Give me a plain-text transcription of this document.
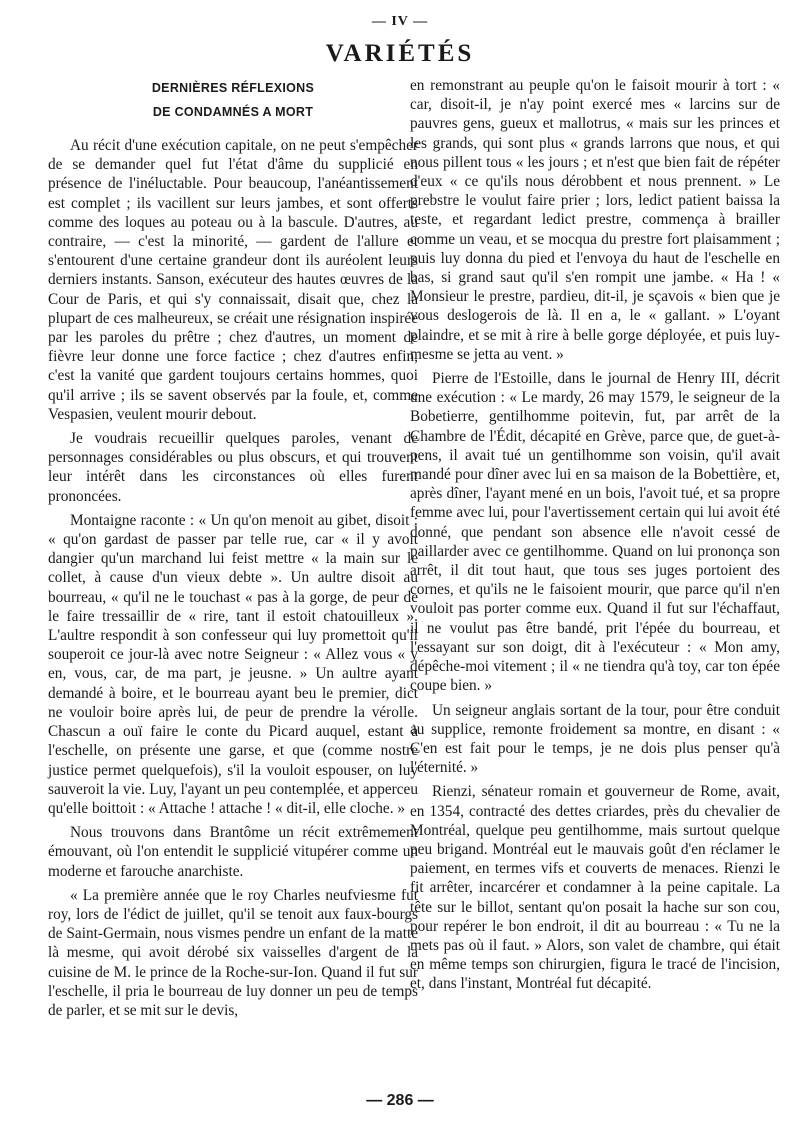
— IV —
VARIÉTÉS
DERNIÈRES RÉFLEXIONS
DE CONDAMNÉS A MORT

Au récit d'une exécution capitale, on ne peut s'empêcher de se demander quel fut l'état d'âme du supplicié en présence de l'inéluctable. Pour beaucoup, l'anéantissement est complet ; ils vacillent sur leurs jambes, et sont offerts comme des loques au poteau ou à la bascule. D'autres, au contraire, — c'est la minorité, — gardent de l'allure et s'entourent d'une certaine grandeur dont ils auréolent leurs derniers instants. Sanson, exécuteur des hautes œuvres de la Cour de Paris, et qui s'y connaissait, disait que, chez la plupart de ces malheureux, se créait une résignation inspirée par les paroles du prêtre ; chez d'autres, un moment de fièvre leur donne une force factice ; chez d'autres enfin, c'est la vanité que gardent toujours certains hommes, quoi qu'il arrive ; ils se savent observés par la foule, et, comme Vespasien, veulent mourir debout.

Je voudrais recueillir quelques paroles, venant de personnages considérables ou plus obscurs, et qui trouvent leur intérêt dans les circonstances où elles furent prononcées.

Montaigne raconte : « Un qu'on menoit au gibet, disoit : « qu'on gardast de passer par telle rue, car « il y avoit dangier qu'un marchand lui feist mettre « la main sur le collet, à cause d'un vieux debte ». Un aultre disoit au bourreau, « qu'il ne le touchast « pas à la gorge, de peur de le faire tressaillir de « rire, tant il estoit chatouilleux ». L'aultre respondit à son confesseur qui luy promettoit qu'il souperoit ce jour-là avec notre Seigneur : « Allez vous « y en, vous, car, de ma part, je jeusne. » Un aultre ayant demandé à boire, et le bourreau ayant beu le premier, dict ne vouloir boire après lui, de peur de prendre la vérolle. Chascun a ouï faire le conte du Picard auquel, estant à l'eschelle, on présente une garse, et que (comme nostre justice permet quelquefois), s'il la vouloit espouser, on luy sauveroit la vie. Luy, l'ayant un peu contemplée, et apperceu qu'elle boittoit : « Attache ! attache ! « dit-il, elle cloche. »

Nous trouvons dans Brantôme un récit extrêmement émouvant, où l'on entendit le supplicié vitupérer comme un moderne et farouche anarchiste.

« La première année que le roy Charles neufviesme fut roy, lors de l'édict de juillet, qu'il se tenoit aux faux-bourgs de Saint-Germain, nous vismes pendre un enfant de la matte là mesme, qui avoit dérobé six vaisselles d'argent de la cuisine de M. le prince de la Roche-sur-Ion. Quand il fut sur l'eschelle, il pria le bourreau de luy donner un peu de temps de parler, et se mit sur le devis,

en remonstrant au peuple qu'on le faisoit mourir à tort : « car, disoit-il, je n'ay point exercé mes « larcins sur de pauvres gens, gueux et mallotrus, « mais sur les princes et les grands, qui sont plus « grands larrons que nous, et qui nous pillent tous « les jours ; et n'est que bien fait de répéter d'eux « ce qu'ils nous dérobbent et nous prennent. » Le prebstre le voulut faire prier ; lors, ledict patient baissa la teste, et regardant ledict prestre, commença à brailler comme un veau, et se mocqua du prestre fort plaisamment ; puis luy donna du pied et l'envoya du haut de l'eschelle en bas, si grand saut qu'il s'en rompit une jambe. « Ha ! « Monsieur le prestre, pardieu, dit-il, je sçavois « bien que je vous deslogerois de là. Il en a, le « gallant. » L'oyant plaindre, et se mit à rire à belle gorge déployée, et puis luy-mesme se jetta au vent. »

Pierre de l'Estoille, dans le journal de Henry III, décrit une exécution : « Le mardy, 26 may 1579, le seigneur de la Bobetierre, gentilhomme poitevin, fut, par arrêt de la Chambre de l'Édit, décapité en Grève, parce que, de guet-à-pens, il avait tué un gentilhomme son voisin, qu'il avait mandé pour dîner avec lui en sa maison de la Bobettière, et, après dîner, l'ayant mené en un bois, l'avoit tué, et sa propre femme avec lui, pour l'avertissement certain qui lui avoit été donné, que pendant son absence elle n'avoit cessé de paillarder avec ce gentilhomme. Quand on lui prononça son arrêt, il dit tout haut, que tous ses juges portoient des cornes, et qu'ils ne le faisoient mourir, que parce qu'il n'en vouloit pas porter comme eux. Quand il fut sur l'échaffaut, il ne voulut pas être bandé, prit l'épée du bourreau, et l'essayant sur son doigt, dit à l'exécuteur : « Mon amy, dépêche-moi vitement ; il « ne tiendra qu'à toy, car ton épée coupe bien. »

Un seigneur anglais sortant de la tour, pour être conduit au supplice, remonte froidement sa montre, en disant : « C'en est fait pour le temps, je ne dois plus penser qu'à l'éternité. »

Rienzi, sénateur romain et gouverneur de Rome, avait, en 1354, contracté des dettes criardes, près du chevalier de Montréal, quelque peu gentilhomme, mais surtout quelque peu brigand. Montréal eut le mauvais goût d'en réclamer le paiement, en termes vifs et couverts de menaces. Rienzi le fit arrêter, incarcérer et condamner à la peine capitale. La tête sur le billot, sentant qu'on posait la hache sur son cou, pour repérer le bon endroit, il dit au bourreau : « Tu ne la mets pas où il faut. » Alors, son valet de chambre, qui était en même temps son chirurgien, figura le tracé de l'incision, et, dans l'instant, Montréal fut décapité.

— 286 —
